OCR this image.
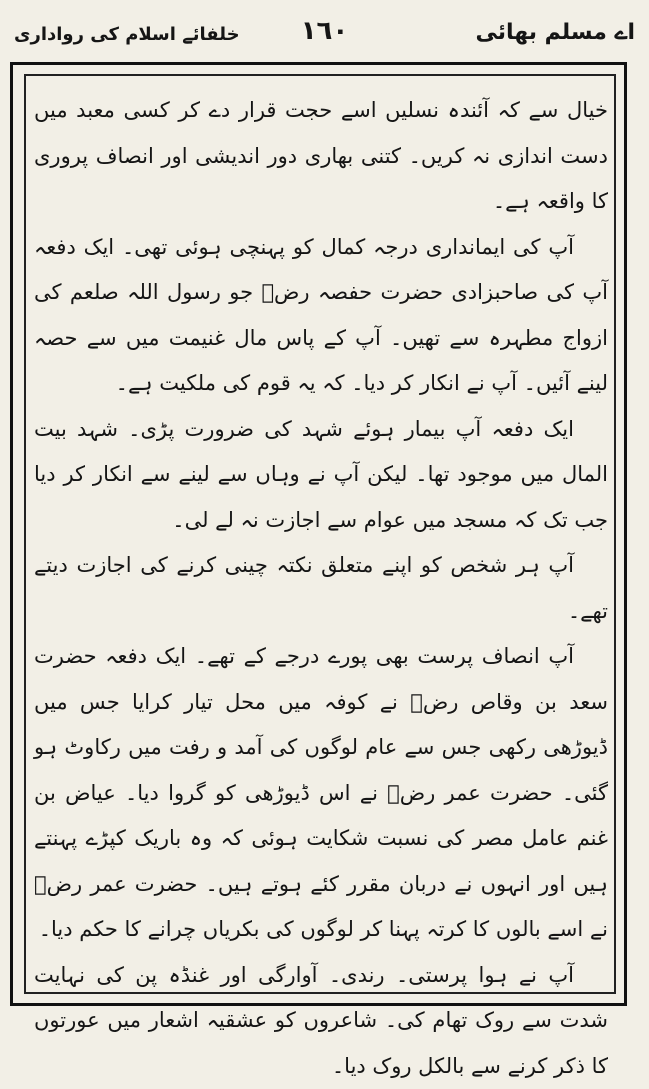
اے مسلم بھائی
١٦٠
خلفائے اسلام کی رواداری

خیال سے کہ آئندہ نسلیں اسے حجت قرار دے کر کسی معبد میں دست اندازی نہ کریں۔ کتنی بھاری دور اندیشی اور انصاف پروری کا واقعہ ہے۔

آپ کی ایمانداری درجہ کمال کو پہنچی ہوئی تھی۔ ایک دفعہ آپ کی صاحبزادی حضرت حفصہ رضؓ جو رسول اللہ صلعم کی ازواج مطہرہ سے تھیں۔ آپ کے پاس مال غنیمت میں سے حصہ لینے آئیں۔ آپ نے انکار کر دیا۔ کہ یہ قوم کی ملکیت ہے۔

ایک دفعہ آپ بیمار ہوئے شہد کی ضرورت پڑی۔ شہد بیت المال میں موجود تھا۔ لیکن آپ نے وہاں سے لینے سے انکار کر دیا جب تک کہ مسجد میں عوام سے اجازت نہ لے لی۔

آپ ہر شخص کو اپنے متعلق نکتہ چینی کرنے کی اجازت دیتے تھے۔

آپ انصاف پرست بھی پورے درجے کے تھے۔ ایک دفعہ حضرت سعد بن وقاص رضؓ نے کوفہ میں محل تیار کرایا جس میں ڈیوڑھی رکھی جس سے عام لوگوں کی آمد و رفت میں رکاوٹ ہو گئی۔ حضرت عمر رضؓ نے اس ڈیوڑھی کو گروا دیا۔ عیاض بن غنم عامل مصر کی نسبت شکایت ہوئی کہ وہ باریک کپڑے پہنتے ہیں اور انہوں نے دربان مقرر کئے ہوتے ہیں۔ حضرت عمر رضؓ نے اسے بالوں کا کرتہ پہنا کر لوگوں کی بکریاں چرانے کا حکم دیا۔

آپ نے ہوا پرستی۔ رندی۔ آوارگی اور غنڈہ پن کی نہایت شدت سے روک تھام کی۔ شاعروں کو عشقیہ اشعار میں عورتوں کا ذکر کرنے سے بالکل روک دیا۔
